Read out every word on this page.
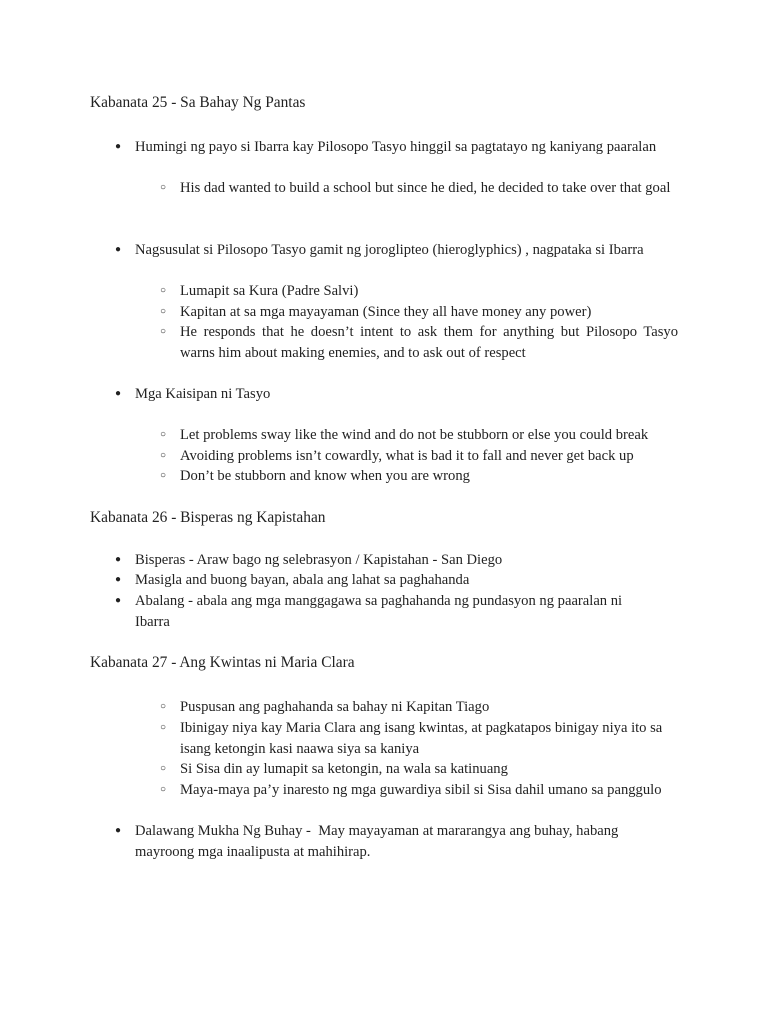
Kabanata 25 - Sa Bahay Ng Pantas
● Humingi ng payo si Ibarra kay Pilosopo Tasyo hinggil sa pagtatayo ng kaniyang paaralan
○ His dad wanted to build a school but since he died, he decided to take over that goal
● Nagsusulat si Pilosopo Tasyo gamit ng joroglipteo (hieroglyphics) , nagpataka si Ibarra
○ Lumapit sa Kura (Padre Salvi)
○ Kapitan at sa mga mayayaman (Since they all have money any power)
○ He responds that he doesn’t intent to ask them for anything but Pilosopo Tasyo warns him about making enemies, and to ask out of respect
● Mga Kaisipan ni Tasyo
○ Let problems sway like the wind and do not be stubborn or else you could break
○ Avoiding problems isn’t cowardly, what is bad it to fall and never get back up
○ Don’t be stubborn and know when you are wrong
Kabanata 26 - Bisperas ng Kapistahan
● Bisperas - Araw bago ng selebrasyon / Kapistahan - San Diego
● Masigla and buong bayan, abala ang lahat sa paghahanda
● Abalang - abala ang mga manggagawa sa paghahanda ng pundasyon ng paaralan ni Ibarra
Kabanata 27 - Ang Kwintas ni Maria Clara
○ Puspusan ang paghahanda sa bahay ni Kapitan Tiago
○ Ibinigay niya kay Maria Clara ang isang kwintas, at pagkatapos binigay niya ito sa isang ketongin kasi naawa siya sa kaniya
○ Si Sisa din ay lumapit sa ketongin, na wala sa katinuang
○ Maya-maya pa’y inaresto ng mga guwardiya sibil si Sisa dahil umano sa panggulo
● Dalawang Mukha Ng Buhay -  May mayayaman at mararangya ang buhay, habang mayroong mga inaalipusta at mahihirap.
